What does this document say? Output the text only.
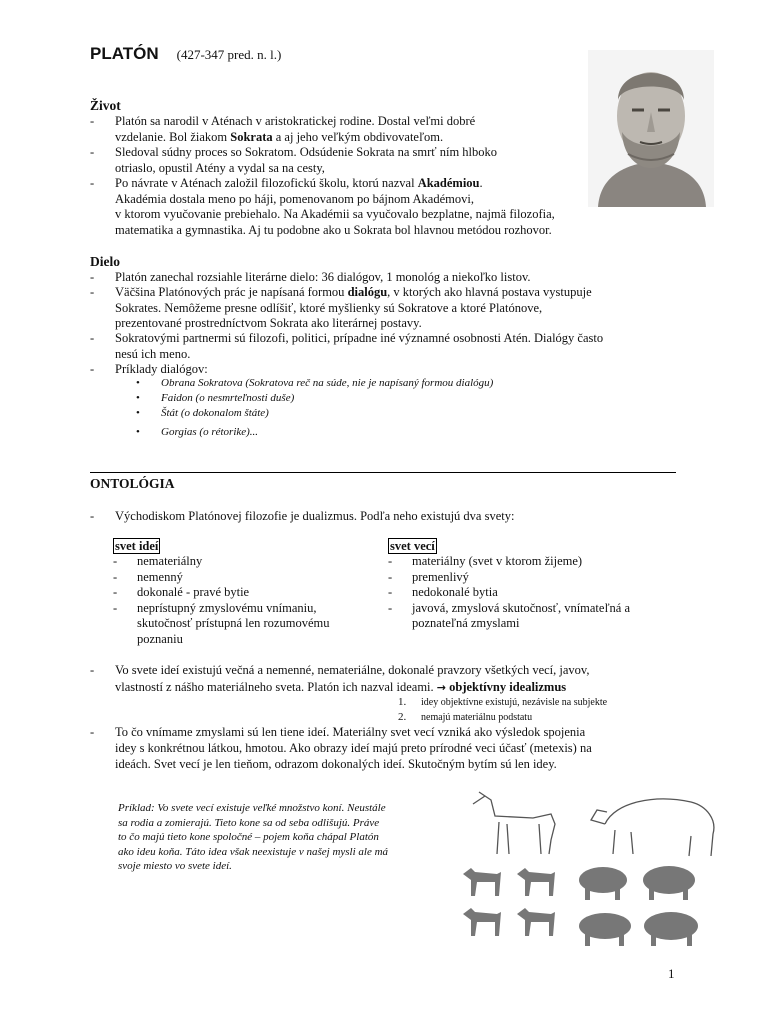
PLATÓN (427-347 pred. n. l.)
Život
- Platón sa narodil v Aténach v aristokratickej rodine. Dostal veľmi dobré
vzdelanie. Bol žiakom Sokrata a aj jeho veľkým obdivovateľom.
- Sledoval súdny proces so Sokratom. Odsúdenie Sokrata na smrť ním hlboko
otriaslo, opustil Atény a vydal sa na cesty,
- Po návrate v Aténach založil filozofickú školu, ktorú nazval Akadémiou.
Akadémia dostala meno po háji, pomenovanom po bájnom Akadémovi,
v ktorom vyučovanie prebiehalo. Na Akadémii sa vyučovalo bezplatne, najmä filozofia,
matematika a gymnastika. Aj tu podobne ako u Sokrata bol hlavnou metódou rozhovor.
Dielo
- Platón zanechal rozsiahle literárne dielo: 36 dialógov, 1 monológ a niekoľko listov.
- Väčšina Platónových prác je napísaná formou dialógu, v ktorých ako hlavná postava vystupuje
Sokrates. Nemôžeme presne odlíšiť, ktoré myšlienky sú Sokratove a ktoré Platónove,
prezentované prostredníctvom Sokrata ako literárnej postavy.
- Sokratovými partnermi sú filozofi, politici, prípadne iné významné osobnosti Atén. Dialógy často
nesú ich meno.
- Príklady dialógov:
• Obrana Sokratova (Sokratova reč na súde, nie je napísaný formou dialógu)
• Faidon (o nesmrteľnosti duše)
• Štát (o dokonalom štáte)
• Gorgias (o rétorike)...
ONTOLÓGIA
- Východiskom Platónovej filozofie je dualizmus. Podľa neho existujú dva svety:
svet ideí	svet vecí
- nemateriálny
- nemenný
- dokonalé - pravé bytie
- neprístupný zmyslovému vnímaniu,
skutočnosť prístupná len rozumovému
poznaniu
- materiálny (svet v ktorom žijeme)
- premenlivý
- nedokonalé bytia
- javová, zmyslová skutočnosť, vnímateľná a
poznateľná zmyslami
- Vo svete ideí existujú večná a nemenné, nemateriálne, dokonalé pravzory všetkých vecí, javov,
vlastností z nášho materiálneho sveta. Platón ich nazval ideami. → objektívny idealizmus
1. idey objektívne existujú, nezávisle na subjekte
2. nemajú materiálnu podstatu
- To čo vnímame zmyslami sú len tiene ideí. Materiálny svet vecí vzniká ako výsledok spojenia
idey s konkrétnou látkou, hmotou. Ako obrazy ideí majú preto prírodné veci účasť (metexis) na
ideách. Svet vecí je len tieňom, odrazom dokonalých ideí. Skutočným bytím sú len idey.
Príklad: Vo svete vecí existuje veľké množstvo koní. Neustále
sa rodia a zomierajú. Tieto kone sa od seba odlišujú. Práve
to čo majú tieto kone spoločné – pojem koňa chápal Platón
ako ideu koňa. Táto idea však neexistuje v našej mysli ale má
svoje miesto vo svete ideí.
1
